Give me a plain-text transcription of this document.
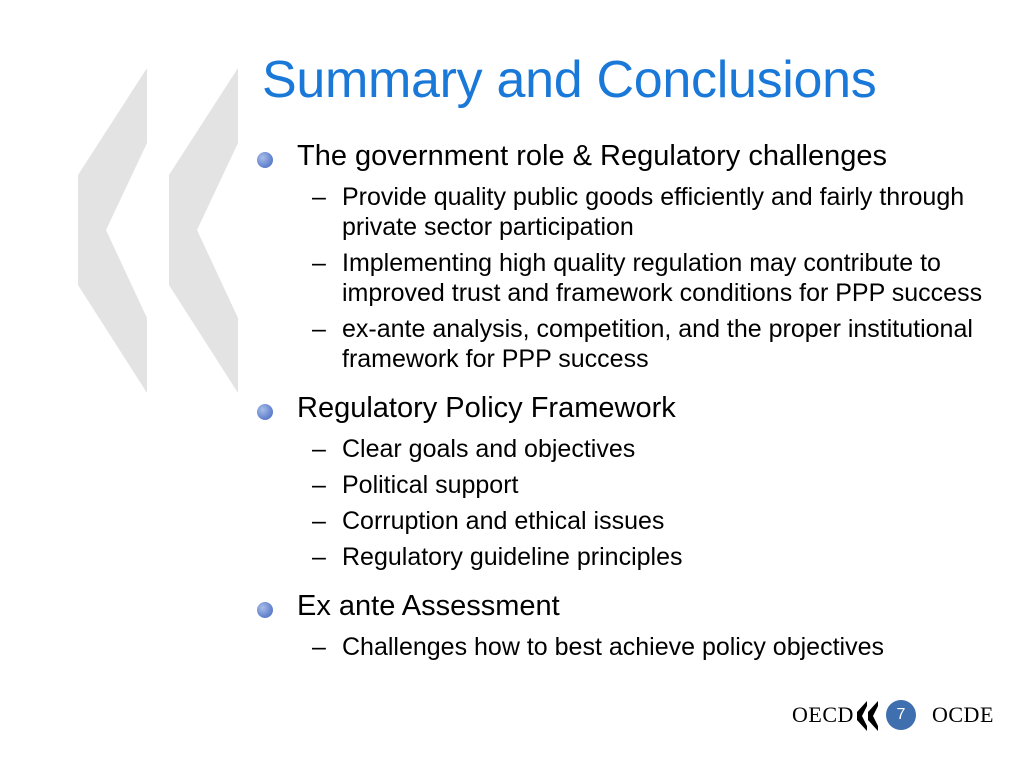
Summary and Conclusions
The government role & Regulatory challenges
– Provide quality public goods efficiently and fairly through private sector participation
– Implementing high quality regulation may contribute to improved trust and framework conditions for PPP success
– ex-ante analysis, competition, and the proper institutional framework for PPP success
Regulatory Policy Framework
– Clear goals and objectives
– Political support
– Corruption and ethical issues
– Regulatory guideline principles
Ex ante Assessment
– Challenges how to best achieve policy objectives
OECD	7	OCDE
